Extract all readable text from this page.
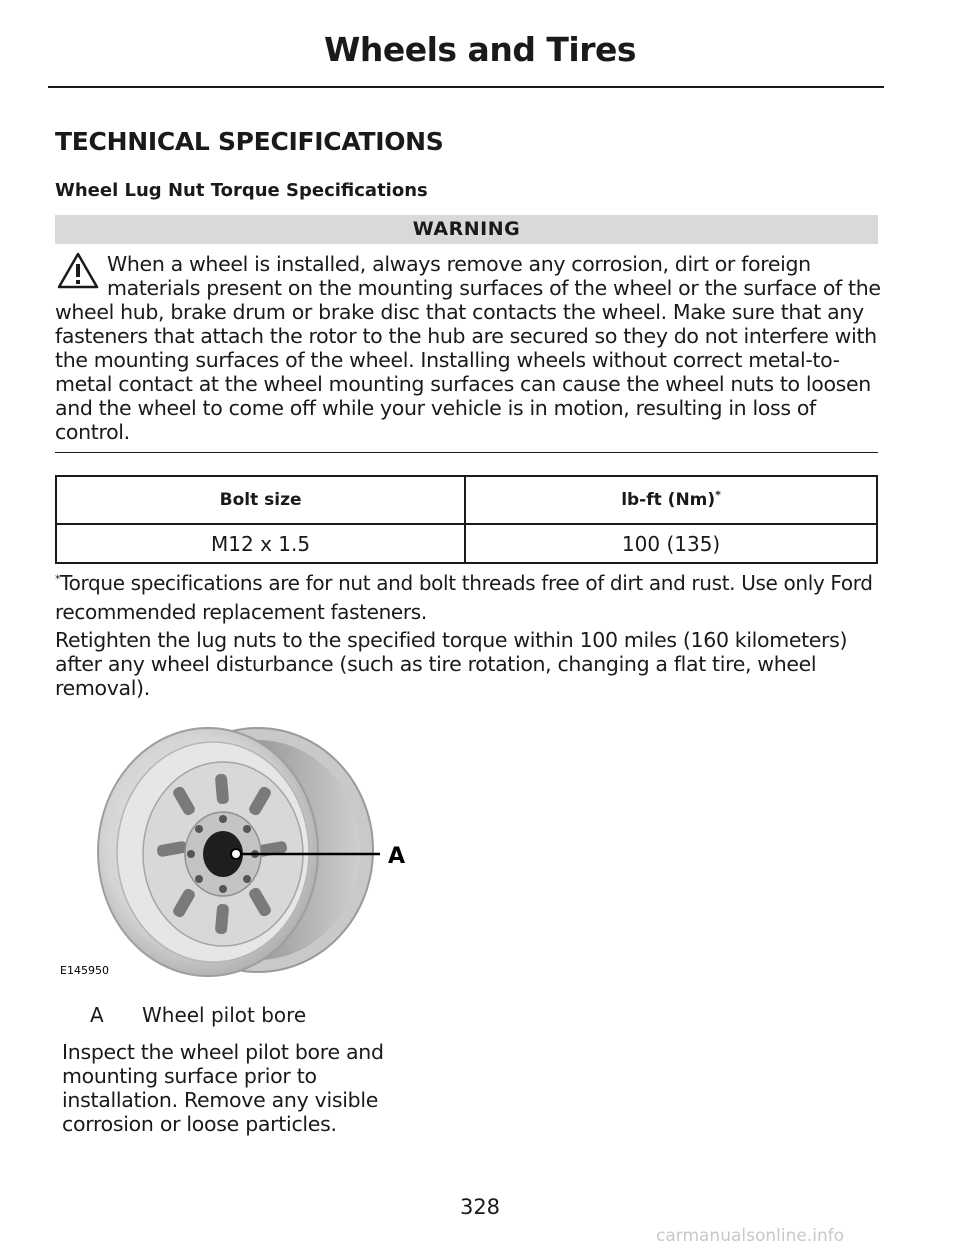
Wheels and Tires
TECHNICAL SPECIFICATIONS
Wheel Lug Nut Torque Specifications
WARNING
When a wheel is installed, always remove any corrosion, dirt or foreign materials present on the mounting surfaces of the wheel or the surface of the wheel hub, brake drum or brake disc that contacts the wheel. Make sure that any fasteners that attach the rotor to the hub are secured so they do not interfere with the mounting surfaces of the wheel. Installing wheels without correct metal-to-metal contact at the wheel mounting surfaces can cause the wheel nuts to loosen and the wheel to come off while your vehicle is in motion, resulting in loss of control.
Bolt size	lb-ft (Nm)*
M12 x 1.5	100 (135)
*Torque specifications are for nut and bolt threads free of dirt and rust. Use only Ford recommended replacement fasteners.
Retighten the lug nuts to the specified torque within 100 miles (160 kilometers) after any wheel disturbance (such as tire rotation, changing a flat tire, wheel removal).
A
E145950
A Wheel pilot bore
Inspect the wheel pilot bore and mounting surface prior to installation. Remove any visible corrosion or loose particles.
328
carmanualsonline.info
